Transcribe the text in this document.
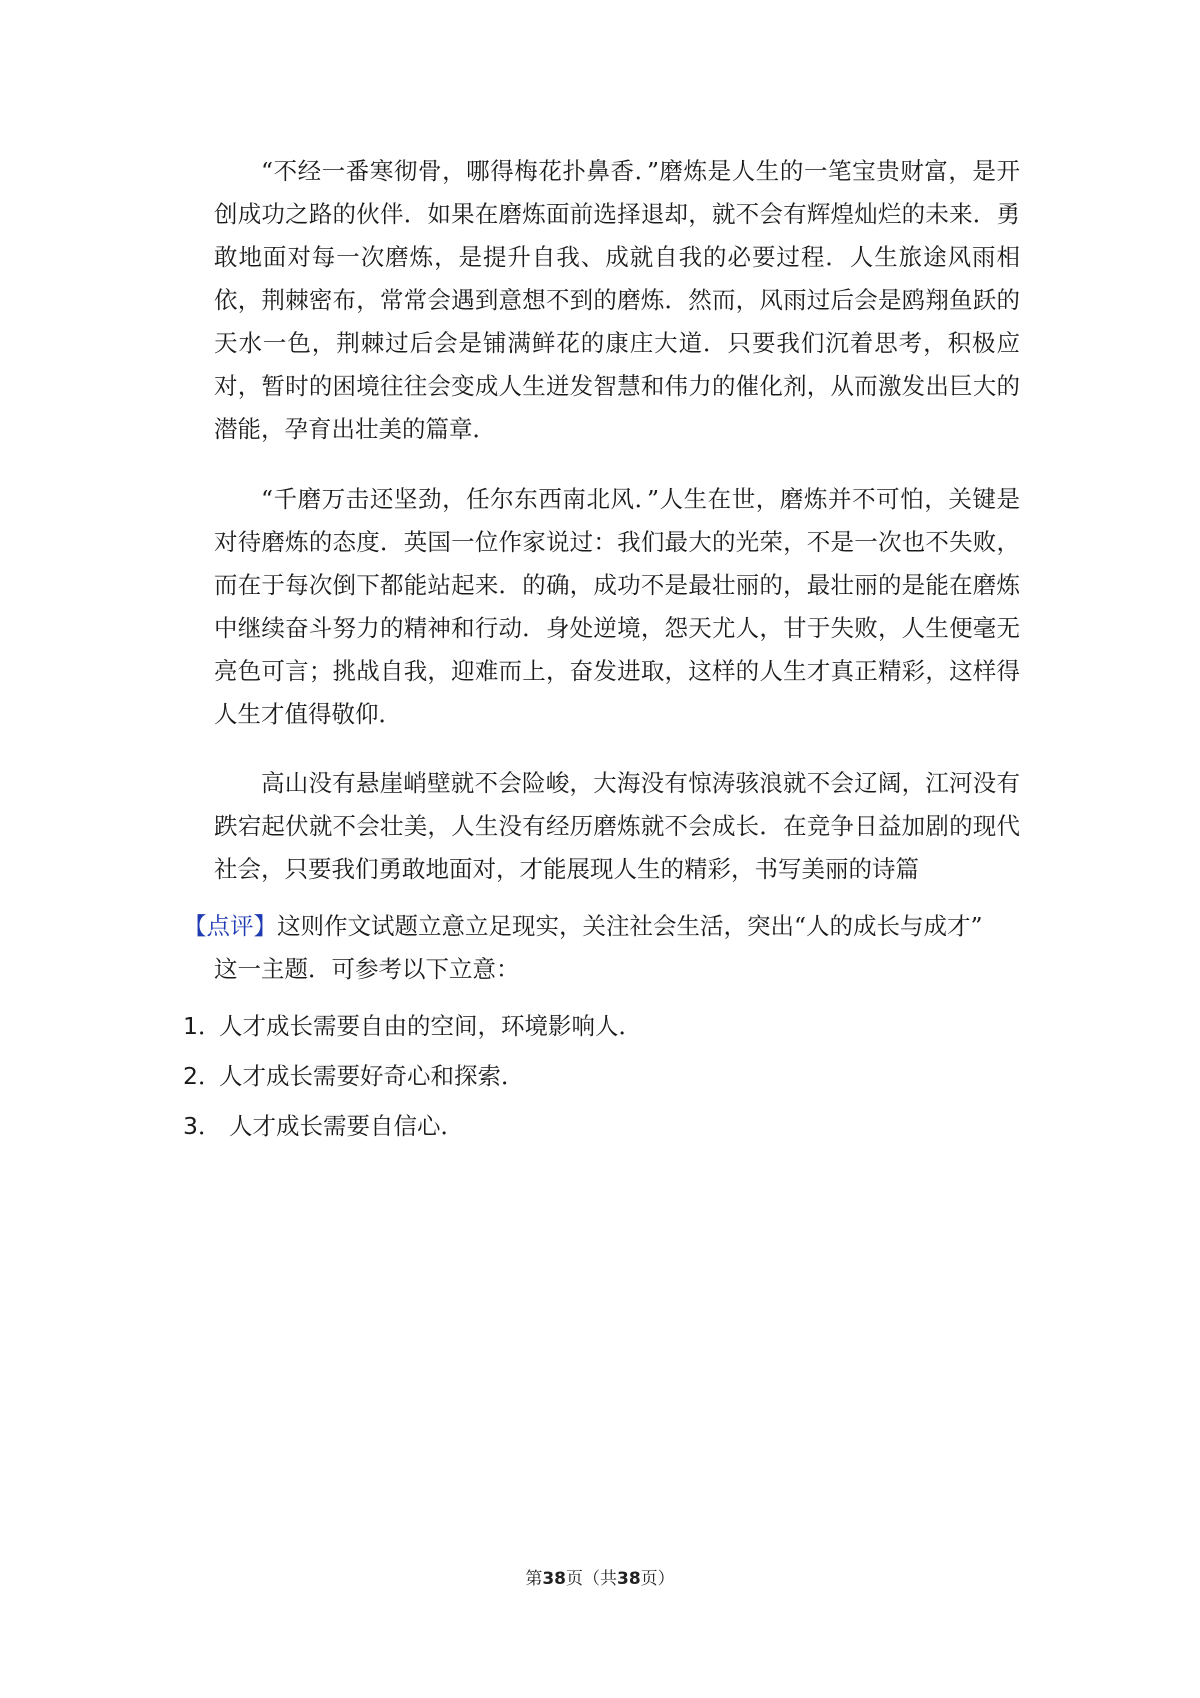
“不经一番寒彻骨，哪得梅花扑鼻香．”磨炼是人生的一笔宝贵财富，是开创成功之路的伙伴．如果在磨炼面前选择退却，就不会有辉煌灿烂的未来．勇敢地面对每一次磨炼，是提升自我、成就自我的必要过程．人生旅途风雨相依，荆棘密布，常常会遇到意想不到的磨炼．然而，风雨过后会是鸥翔鱼跃的天水一色，荆棘过后会是铺满鲜花的康庄大道．只要我们沉着思考，积极应对，暂时的困境往往会变成人生迸发智慧和伟力的催化剂，从而激发出巨大的潜能，孕育出壮美的篇章．

“千磨万击还坚劲，任尔东西南北风．”人生在世，磨炼并不可怕，关键是对待磨炼的态度．英国一位作家说过：我们最大的光荣，不是一次也不失败，而在于每次倒下都能站起来．的确，成功不是最壮丽的，最壮丽的是能在磨炼中继续奋斗努力的精神和行动．身处逆境，怨天尤人，甘于失败，人生便毫无亮色可言；挑战自我，迎难而上，奋发进取，这样的人生才真正精彩，这样得人生才值得敬仰．

高山没有悬崖峭壁就不会险峻，大海没有惊涛骇浪就不会辽阔，江河没有跌宕起伏就不会壮美，人生没有经历磨炼就不会成长．在竞争日益加剧的现代社会，只要我们勇敢地面对，才能展现人生的精彩，书写美丽的诗篇

【点评】这则作文试题立意立足现实，关注社会生活，突出“人的成长与成才”
这一主题．可参考以下立意：
1．人才成长需要自由的空间，环境影响人．
2．人才成长需要好奇心和探索．
3． 人才成长需要自信心．
第38页（共38页）
